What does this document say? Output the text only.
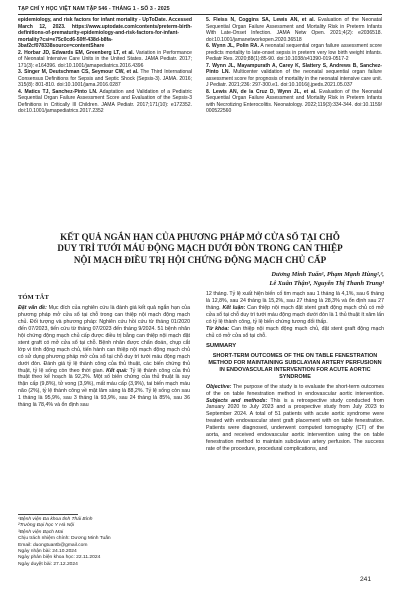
TẠP CHÍ Y HỌC VIỆT NAM TẬP 546 - THÁNG 1 - SỐ 3 - 2025

epidemiology, and risk factors for infant mortality - UpToDate. Accessed March 12, 2023. https://www.uptodate.com/contents/preterm-birth-definitions-of-prematurity-epidemiology-and-risk-factors-for-infant-mortality?csi=e75c0cd6-50ff-438d-b8fa-3baf2cf078338source=contentShare

2. Horbar JD, Edwards EM, Greenberg LT, et al. Variation in Performance of Neonatal Intensive Care Units in the United States. JAMA Pediatr. 2017; 171(3): e164396. doi:10.1001/jamapediatrics.2016.4396

3. Singer M, Deutschman CS, Seymour CW, et al. The Third International Consensus Definitions for Sepsis and Septic Shock (Sepsis-3). JAMA. 2016; 315(8): 801-810. doi:10.1001/jama.2016.0287

4. Matics TJ, Sanchez-Pinto LN. Adaptation and Validation of a Pediatric Sequential Organ Failure Assessment Score and Evaluation of the Sepsis-3 Definitions in Critically Ill Children. JAMA Pediatr. 2017;171(10): e172352. doi:10.1001/jamapediatrics.2017.2352

5. Fleiss N, Coggins SA, Lewis AN, et al. Evaluation of the Neonatal Sequential Organ Failure Assessment and Mortality Risk in Preterm Infants With Late-Onset Infection. JAMA Netw Open. 2021;4(2): e2036518. doi:10.1001/jamanetworkopen.2020.36518

6. Wynn JL, Polin RA. A neonatal sequential organ failure assessment score predicts mortality to late-onset sepsis in preterm very low birth weight infants. Pediatr Res. 2020;88(1):85-90. doi:10.1038/s41390-019-0517-2

7. Wynn JL, Mayampurath A, Carey K, Slattery S, Andrews B, Sanchez-Pinto LN. Multicenter validation of the neonatal sequential organ failure assessment score for prognosis of mortality in the neonatal intensive care unit. J Pediatr. 2021;236: 297-300.e1. doi:10.1016/j.jpeds.2021.05.037

8. Lewis AN, de la Cruz D, Wynn JL, et al. Evaluation of the Neonatal Sequential Organ Failure Assessment and Mortality Risk in Preterm Infants with Necrotizing Enterocolitis. Neonatology. 2022;119(3):334-344. doi:10.1159/ 000522560

KẾT QUẢ NGẮN HẠN CỦA PHƯƠNG PHÁP MỞ CỬA SỔ TẠI CHỖ
DUY TRÌ TƯỚI MÁU ĐỘNG MẠCH DƯỚI ĐÒN TRONG CAN THIỆP
NỘI MẠCH ĐIỀU TRỊ HỘI CHỨNG ĐỘNG MẠCH CHỦ CẤP
Dương Minh Tuấn¹, Phạm Mạnh Hùng²,³,
Lê Xuân Thận³, Nguyễn Thị Thanh Trung¹
TÓM TẮT

Đặt vấn đề: Mục đích của nghiên cứu là đánh giá kết quả ngắn hạn của phương pháp mở cửa sổ tại chỗ trong can thiệp nội mạch động mạch chủ. Đối tượng và phương pháp: Nghiên cứu hồi cứu từ tháng 01/2020 đến 07/2023, tiến cứu từ tháng 07/2023 đến tháng 9/2024. 51 bệnh nhân hội chứng động mạch chủ cấp được điều trị bằng can thiệp nội mạch đặt stent graft có mở cửa sổ tại chỗ. Bệnh nhân được chẩn đoán, chụp cắt lớp vi tính động mạch chủ, tiến hành can thiệp nội mạch động mạch chủ có sử dụng phương pháp mở cửa sổ tại chỗ duy trì tưới máu động mạch dưới đòn. Đánh giá tỷ lệ thành công của thủ thuật, các biến chứng thủ thuật, tỷ lệ sống còn theo thời gian. Kết quả: Tỷ lệ thành công của thủ thuật theo kế hoạch là 92,2%. Một số biến chứng của thủ thuật là suy thận cấp (9,8%), tử vong (3,9%), mất máu cấp (3,9%), tai biến mạch máu não (2%), tỷ lệ thành công về mặt lâm sàng là 88,2%. Tỷ lệ sống còn sau 1 tháng là 95,9%, sau 3 tháng là 93,9%, sau 24 tháng là 85%, sau 36 tháng là 78,4% và ổn định sau

12 tháng. Tỷ lệ xuất hiện biến cố tim mạch sau 1 tháng là 4,1%, sau 6 tháng là 12,8%, sau 24 tháng là 15,2%, sau 27 tháng là 28,3% và ổn định sau 27 tháng. Kết luận: Can thiệp nội mạch đặt stent graft động mạch chủ có mở cửa sổ tại chỗ duy trì tưới máu động mạch dưới đòn là 1 thủ thuật ít xâm lấn có tỷ lệ thành công, tỷ lệ biến chứng tương đối thấp.

Từ khóa: Can thiệp nội mạch động mạch chủ, đặt stent graft động mạch chủ có mở cửa sổ tại chỗ.

SUMMARY
SHORT-TERM OUTCOMES OF THE ON TABLE FENESTRATION METHOD FOR MAINTAINING SUBCLAVIAN ARTERY PERFUSIONN IN ENDOVASCULAR INTERVENTION FOR ACUTE AORTIC SYNDROME

Objective: The purpose of the study is to evaluate the short-term outcomes of the on table fenestration method in endovascular aortic intervention. Subjects and methods: This is a retrospective study conducted from January 2020 to July 2023 and a prospective study from July 2023 to September 2024. A total of 51 patients with acute aortic syndrome were treated with endovascular stent graft placement with on table fenestration. Patients were diagnosed, underwent computed tomography (CT) of the aorta, and received endovascular aortic intervention using the on table fenestration method to maintain subclavian artery perfusion. The success rate of the procedure, procedural complications, and

¹Bệnh viện Đa khoa tỉnh Thái Bình
²Trường Đại học Y Hà Nội
³Bệnh viện Bạch Mai
Chịu trách nhiệm chính: Dương Minh Tuấn
Email: duongtuantb@gmail.com
Ngày nhận bài: 24.10.2024
Ngày phản biện khoa học: 22.11.2024
Ngày duyệt bài: 27.12.2024
241
